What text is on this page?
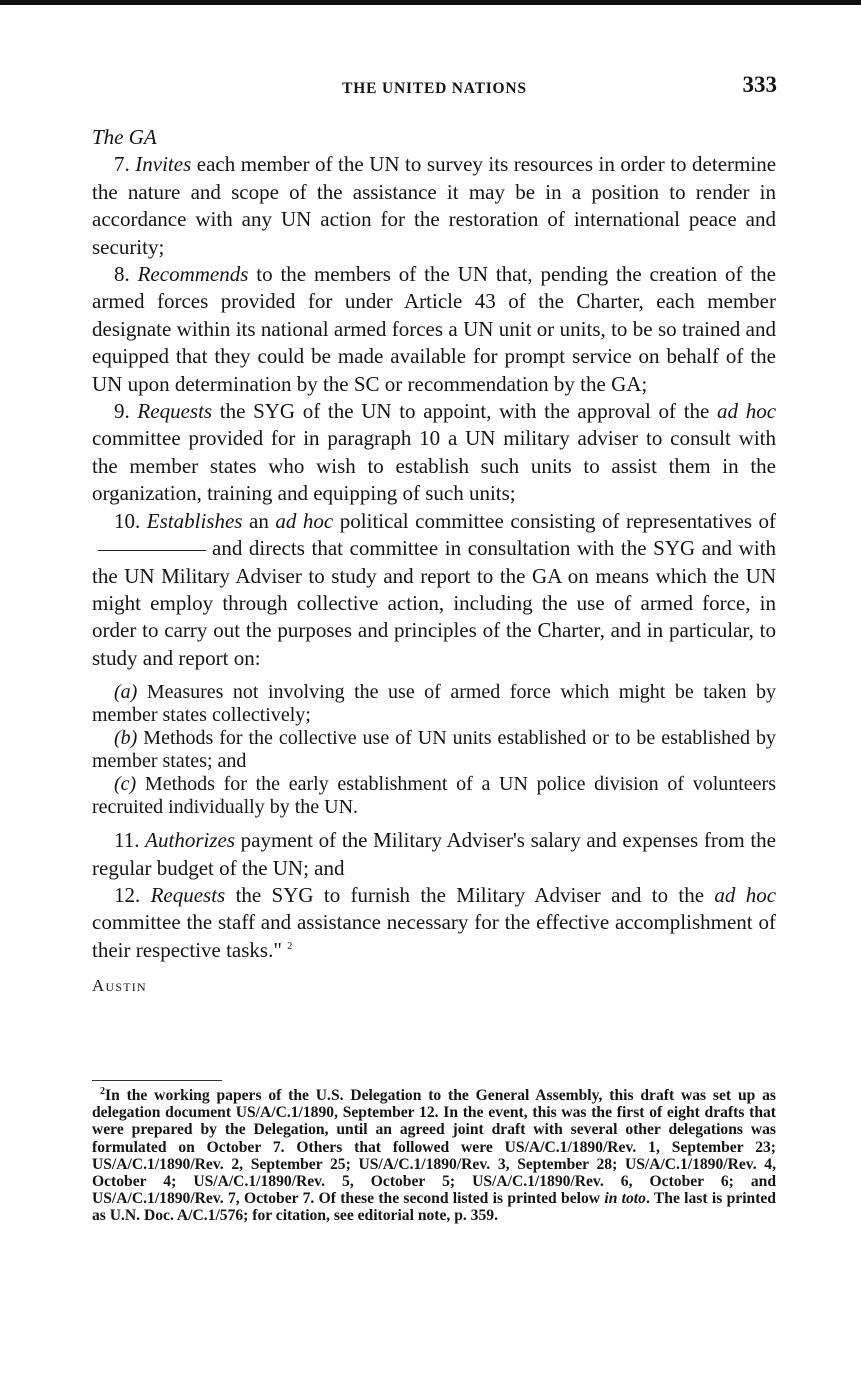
THE UNITED NATIONS	333

The GA

7. Invites each member of the UN to survey its resources in order to determine the nature and scope of the assistance it may be in a position to render in accordance with any UN action for the restoration of international peace and security;

8. Recommends to the members of the UN that, pending the creation of the armed forces provided for under Article 43 of the Charter, each member designate within its national armed forces a UN unit or units, to be so trained and equipped that they could be made available for prompt service on behalf of the UN upon determination by the SC or recommendation by the GA;

9. Requests the SYG of the UN to appoint, with the approval of the ad hoc committee provided for in paragraph 10 a UN military adviser to consult with the member states who wish to establish such units to assist them in the organization, training and equipping of such units;

10. Establishes an ad hoc political committee consisting of representatives ofand directs that committee in consultation with the SYG and with the UN Military Adviser to study and report to the GA on means which the UN might employ through collective action, including the use of armed force, in order to carry out the purposes and principles of the Charter, and in particular, to study and report on:

(a) Measures not involving the use of armed force which might be taken by member states collectively;

(b) Methods for the collective use of UN units established or to be established by member states; and

(c) Methods for the early establishment of a UN police division of volunteers recruited individually by the UN.

11. Authorizes payment of the Military Adviser's salary and expenses from the regular budget of the UN; and

12. Requests the SYG to furnish the Military Adviser and to the ad hoc committee the staff and assistance necessary for the effective accomplishment of their respective tasks." $^2$

Austin

$^2$In the working papers of the U.S. Delegation to the General Assembly, this draft was set up as delegation document US/A/C.1/1890, September 12. In the event, this was the first of eight drafts that were prepared by the Delegation, until an agreed joint draft with several other delegations was formulated on October 7. Others that followed were US/A/C.1/1890/Rev. 1, September 23; US/A/C.1/1890/Rev. 2, September 25; US/A/C.1/1890/Rev. 3, September 28; US/A/C.1/1890/Rev. 4, October 4; US/A/C.1/1890/Rev. 5, October 5; US/A/C.1/1890/Rev. 6, October 6; and US/A/C.1/1890/Rev. 7, October 7. Of these the second listed is printed below in toto. The last is printed as U.N. Doc. A/C.1/576; for citation, see editorial note, p. 359.
